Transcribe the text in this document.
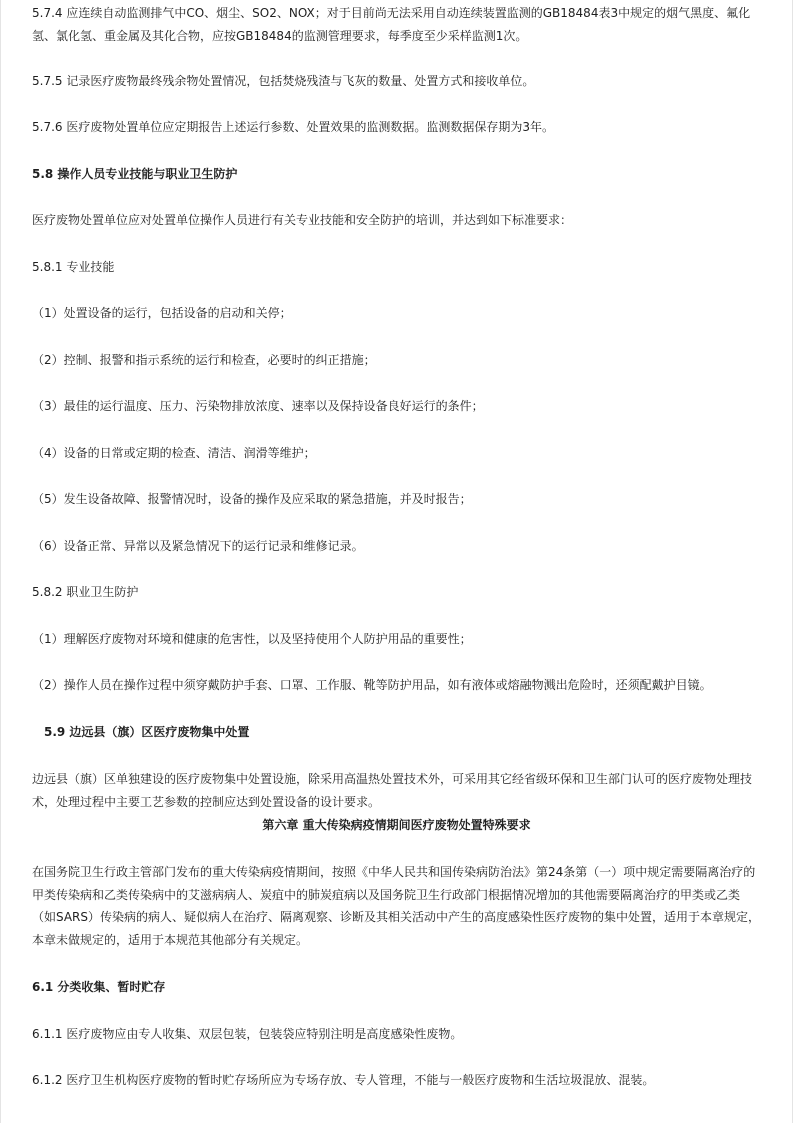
5.7.4 应连续自动监测排气中CO、烟尘、SO2、NOX；对于目前尚无法采用自动连续装置监测的GB18484表3中规定的烟气黑度、氟化氢、氯化氢、重金属及其化合物，应按GB18484的监测管理要求，每季度至少采样监测1次。
5.7.5 记录医疗废物最终残余物处置情况，包括焚烧残渣与飞灰的数量、处置方式和接收单位。
5.7.6 医疗废物处置单位应定期报告上述运行参数、处置效果的监测数据。监测数据保存期为3年。
5.8 操作人员专业技能与职业卫生防护
医疗废物处置单位应对处置单位操作人员进行有关专业技能和安全防护的培训，并达到如下标准要求：
5.8.1 专业技能
（1）处置设备的运行，包括设备的启动和关停；
（2）控制、报警和指示系统的运行和检查，必要时的纠正措施；
（3）最佳的运行温度、压力、污染物排放浓度、速率以及保持设备良好运行的条件；
（4）设备的日常或定期的检查、清洁、润滑等维护；
（5）发生设备故障、报警情况时，设备的操作及应采取的紧急措施，并及时报告；
（6）设备正常、异常以及紧急情况下的运行记录和维修记录。
5.8.2 职业卫生防护
（1）理解医疗废物对环境和健康的危害性，以及坚持使用个人防护用品的重要性；
（2）操作人员在操作过程中须穿戴防护手套、口罩、工作服、靴等防护用品，如有液体或熔融物溅出危险时，还须配戴护目镜。
5.9 边远县（旗）区医疗废物集中处置
边远县（旗）区单独建设的医疗废物集中处置设施，除采用高温热处置技术外，可采用其它经省级环保和卫生部门认可的医疗废物处理技术，处理过程中主要工艺参数的控制应达到处置设备的设计要求。
第六章 重大传染病疫情期间医疗废物处置特殊要求
在国务院卫生行政主管部门发布的重大传染病疫情期间，按照《中华人民共和国传染病防治法》第24条第（一）项中规定需要隔离治疗的甲类传染病和乙类传染病中的艾滋病病人、炭疽中的肺炭疽病以及国务院卫生行政部门根据情况增加的其他需要隔离治疗的甲类或乙类（如SARS）传染病的病人、疑似病人在治疗、隔离观察、诊断及其相关活动中产生的高度感染性医疗废物的集中处置，适用于本章规定，本章未做规定的，适用于本规范其他部分有关规定。
6.1 分类收集、暂时贮存
6.1.1 医疗废物应由专人收集、双层包装，包装袋应特别注明是高度感染性废物。
6.1.2 医疗卫生机构医疗废物的暂时贮存场所应为专场存放、专人管理，不能与一般医疗废物和生活垃圾混放、混装。
